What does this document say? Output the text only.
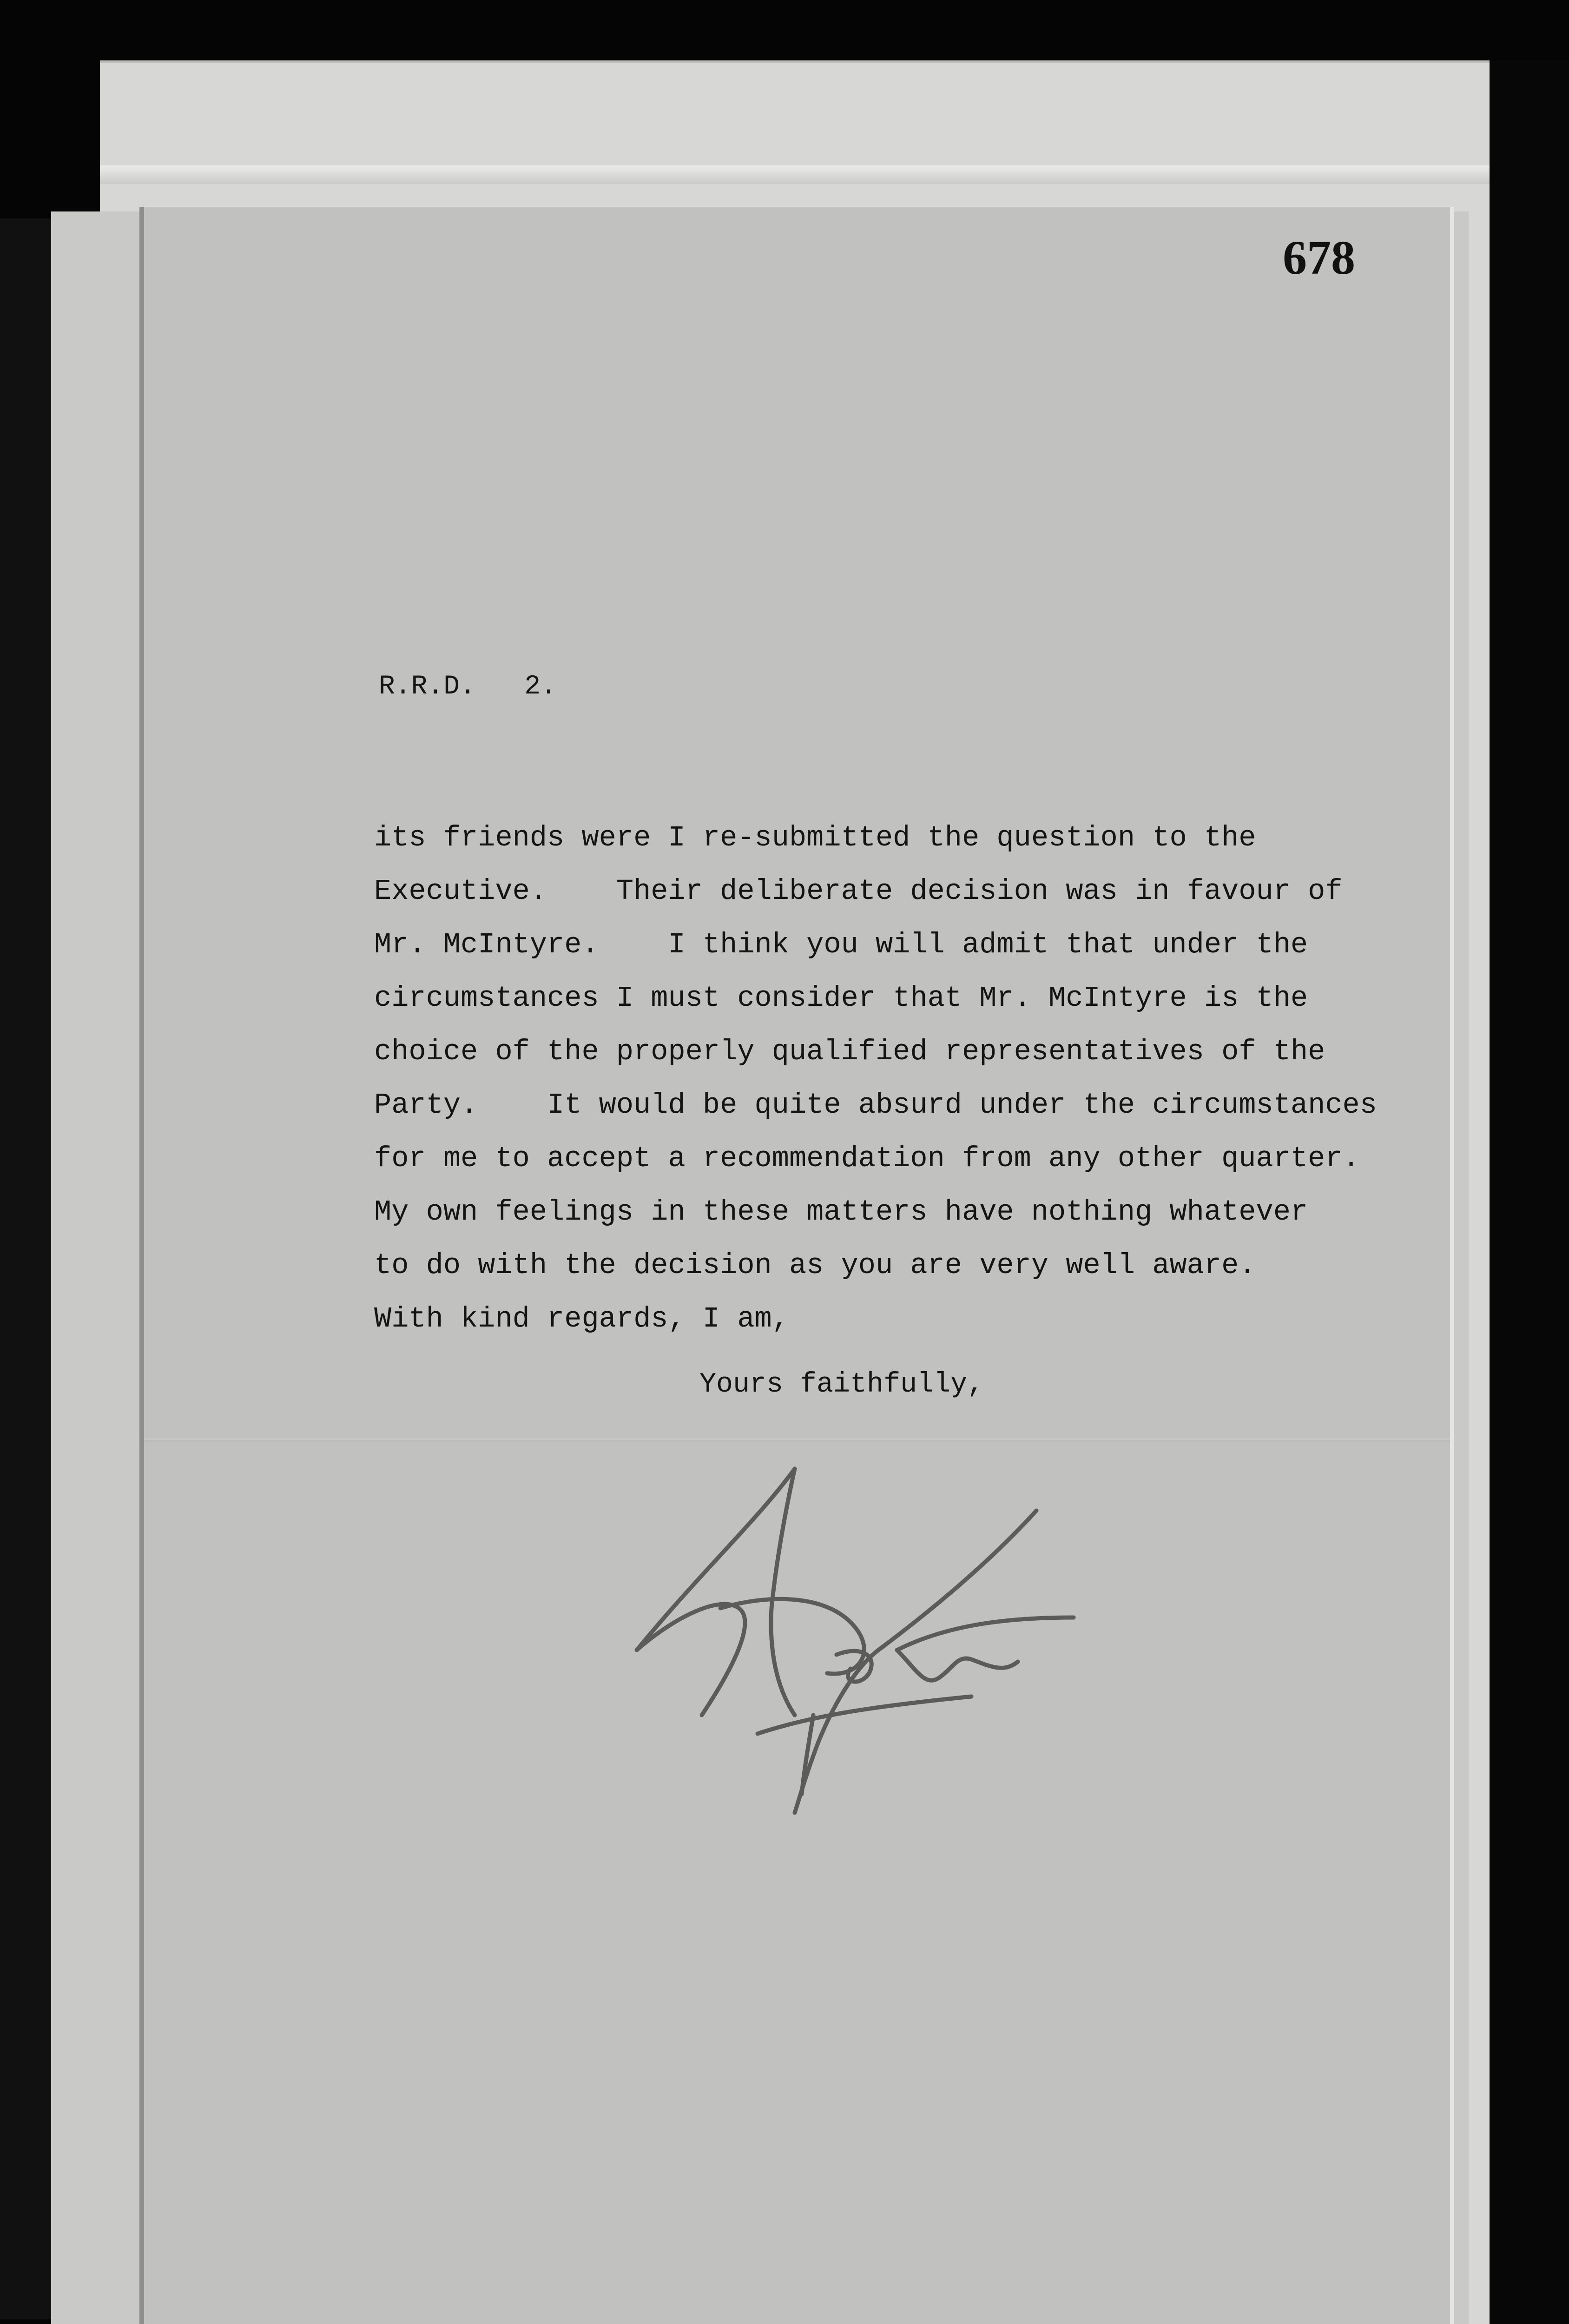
678
R.R.D.   2.
its friends were I re-submitted the question to the
Executive.    Their deliberate decision was in favour of
Mr. McIntyre.    I think you will admit that under the
circumstances I must consider that Mr. McIntyre is the
choice of the properly qualified representatives of the
Party.    It would be quite absurd under the circumstances
for me to accept a recommendation from any other quarter.
My own feelings in these matters have nothing whatever
to do with the decision as you are very well aware.
With kind regards, I am,
Yours faithfully,
